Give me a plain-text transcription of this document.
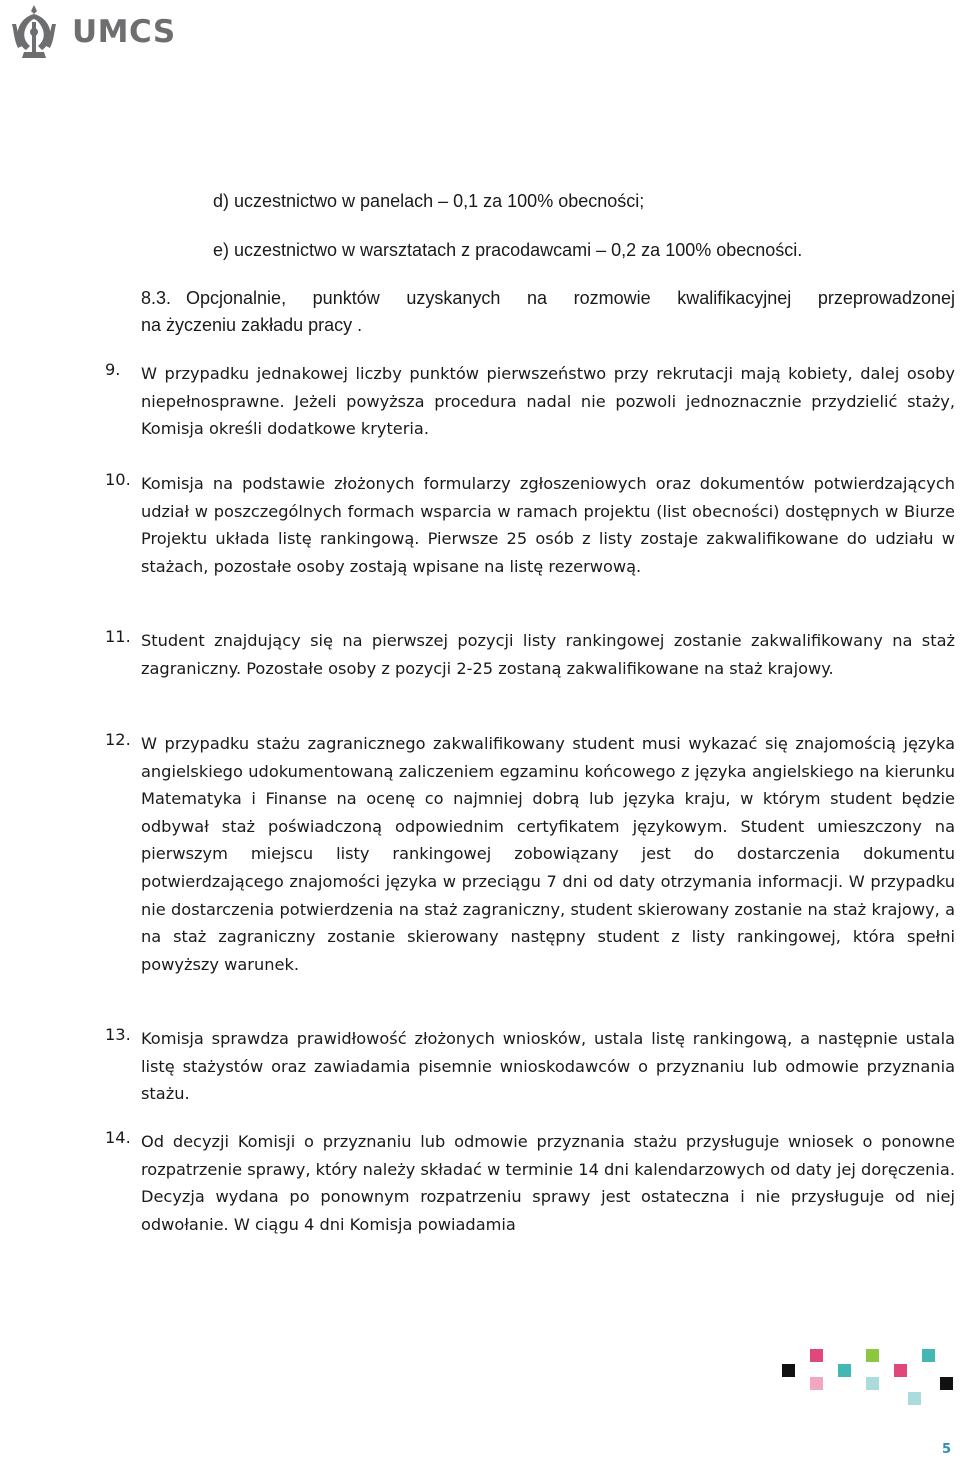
UMCS
d) uczestnictwo w panelach – 0,1 za 100% obecności;
e) uczestnictwo w warsztatach z pracodawcami – 0,2 za 100% obecności.
8.3. Opcjonalnie, punktów uzyskanych na rozmowie kwalifikacyjnej przeprowadzonej
na życzeniu zakładu pracy .
9. W przypadku jednakowej liczby punktów pierwszeństwo przy rekrutacji mają kobiety, dalej osoby niepełnosprawne. Jeżeli powyższa procedura nadal nie pozwoli jednoznacznie przydzielić staży, Komisja określi dodatkowe kryteria.
10. Komisja na podstawie złożonych formularzy zgłoszeniowych oraz dokumentów potwierdzających udział w poszczególnych formach wsparcia w ramach projektu (list obecności) dostępnych w Biurze Projektu układa listę rankingową. Pierwsze 25 osób z listy zostaje zakwalifikowane do udziału w stażach, pozostałe osoby zostają wpisane na listę rezerwową.
11. Student znajdujący się na pierwszej pozycji listy rankingowej zostanie zakwalifikowany na staż zagraniczny. Pozostałe osoby z pozycji 2-25 zostaną zakwalifikowane na staż krajowy.
12. W przypadku stażu zagranicznego zakwalifikowany student musi wykazać się znajomością języka angielskiego udokumentowaną zaliczeniem egzaminu końcowego z języka angielskiego na kierunku Matematyka i Finanse na ocenę co najmniej dobrą lub języka kraju, w którym student będzie odbywał staż poświadczoną odpowiednim certyfikatem językowym. Student umieszczony na pierwszym miejscu listy rankingowej zobowiązany jest do dostarczenia dokumentu potwierdzającego znajomości języka w przeciągu 7 dni od daty otrzymania informacji. W przypadku nie dostarczenia potwierdzenia na staż zagraniczny, student skierowany zostanie na staż krajowy, a na staż zagraniczny zostanie skierowany następny student z listy rankingowej, która spełni powyższy warunek.
13. Komisja sprawdza prawidłowość złożonych wniosków, ustala listę rankingową, a następnie ustala listę stażystów oraz zawiadamia pisemnie wnioskodawców o przyznaniu lub odmowie przyznania stażu.
14. Od decyzji Komisji o przyznaniu lub odmowie przyznania stażu przysługuje wniosek o ponowne rozpatrzenie sprawy, który należy składać w terminie 14 dni kalendarzowych od daty jej doręczenia. Decyzja wydana po ponownym rozpatrzeniu sprawy jest ostateczna i nie przysługuje od niej odwołanie. W ciągu 4 dni Komisja powiadamia
5
